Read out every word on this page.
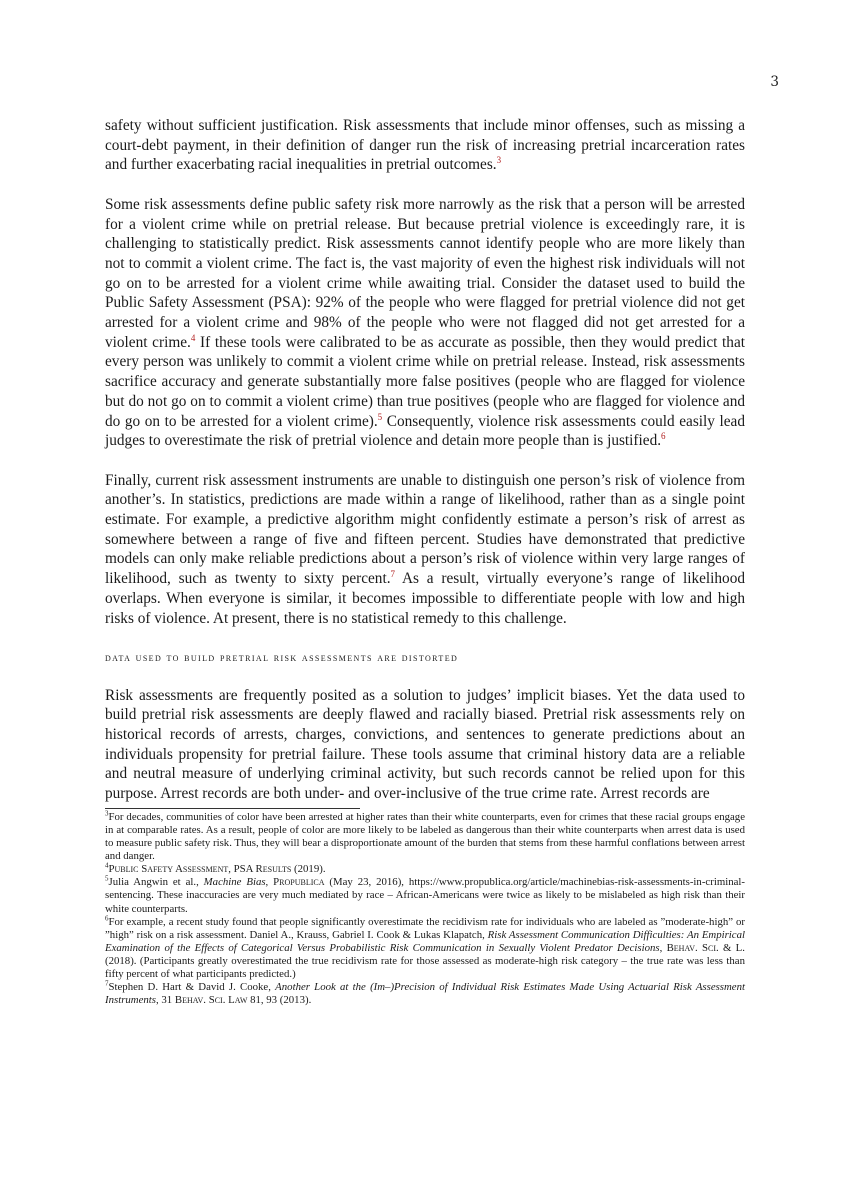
3

safety without sufficient justification. Risk assessments that include minor offenses, such as missing a court-debt payment, in their definition of danger run the risk of increasing pretrial incarceration rates and further exacerbating racial inequalities in pretrial outcomes.$^3$

Some risk assessments define public safety risk more narrowly as the risk that a person will be arrested for a violent crime while on pretrial release. But because pretrial violence is exceedingly rare, it is challenging to statistically predict. Risk assessments cannot identify people who are more likely than not to commit a violent crime. The fact is, the vast majority of even the highest risk individuals will not go on to be arrested for a violent crime while awaiting trial. Consider the dataset used to build the Public Safety Assessment (PSA): 92% of the people who were flagged for pretrial violence did not get arrested for a violent crime and 98% of the people who were not flagged did not get arrested for a violent crime.$^4$ If these tools were calibrated to be as accurate as possible, then they would predict that every person was unlikely to commit a violent crime while on pretrial release. Instead, risk assessments sacrifice accuracy and generate substantially more false positives (people who are flagged for violence but do not go on to commit a violent crime) than true positives (people who are flagged for violence and do go on to be arrested for a violent crime).$^5$ Consequently, violence risk assessments could easily lead judges to overestimate the risk of pretrial violence and detain more people than is justified.$^6$

Finally, current risk assessment instruments are unable to distinguish one person’s risk of violence from another’s. In statistics, predictions are made within a range of likelihood, rather than as a single point estimate. For example, a predictive algorithm might confidently estimate a person’s risk of arrest as somewhere between a range of five and fifteen percent. Studies have demonstrated that predictive models can only make reliable predictions about a person’s risk of violence within very large ranges of likelihood, such as twenty to sixty percent.$^7$ As a result, virtually everyone’s range of likelihood overlaps. When everyone is similar, it becomes impossible to differentiate people with low and high risks of violence. At present, there is no statistical remedy to this challenge.

data used to build pretrial risk assessments are distorted

Risk assessments are frequently posited as a solution to judges’ implicit biases. Yet the data used to build pretrial risk assessments are deeply flawed and racially biased. Pretrial risk assessments rely on historical records of arrests, charges, convictions, and sentences to generate predictions about an individuals propensity for pretrial failure. These tools assume that criminal history data are a reliable and neutral measure of underlying criminal activity, but such records cannot be relied upon for this purpose. Arrest records are both under- and over-inclusive of the true crime rate. Arrest records are

$^3$For decades, communities of color have been arrested at higher rates than their white counterparts, even for crimes that these racial groups engage in at comparable rates. As a result, people of color are more likely to be labeled as dangerous than their white counterparts when arrest data is used to measure public safety risk. Thus, they will bear a disproportionate amount of the burden that stems from these harmful conflations between arrest and danger.

$^4$Public Safety Assessment, PSA Results (2019).

$^5$Julia Angwin et al., Machine Bias, Propublica (May 23, 2016), https://www.propublica.org/article/machinebias-risk-assessments-in-criminal-sentencing. These inaccuracies are very much mediated by race – African-Americans were twice as likely to be mislabeled as high risk than their white counterparts.

$^6$For example, a recent study found that people significantly overestimate the recidivism rate for individuals who are labeled as ”moderate-high” or ”high” risk on a risk assessment. Daniel A., Krauss, Gabriel I. Cook & Lukas Klapatch, Risk Assessment Communication Difficulties: An Empirical Examination of the Effects of Categorical Versus Probabilistic Risk Communication in Sexually Violent Predator Decisions, Behav. Sci. & L. (2018). (Participants greatly overestimated the true recidivism rate for those assessed as moderate-high risk category – the true rate was less than fifty percent of what participants predicted.)

$^7$Stephen D. Hart & David J. Cooke, Another Look at the (Im–)Precision of Individual Risk Estimates Made Using Actuarial Risk Assessment Instruments, 31 Behav. Sci. Law 81, 93 (2013).
